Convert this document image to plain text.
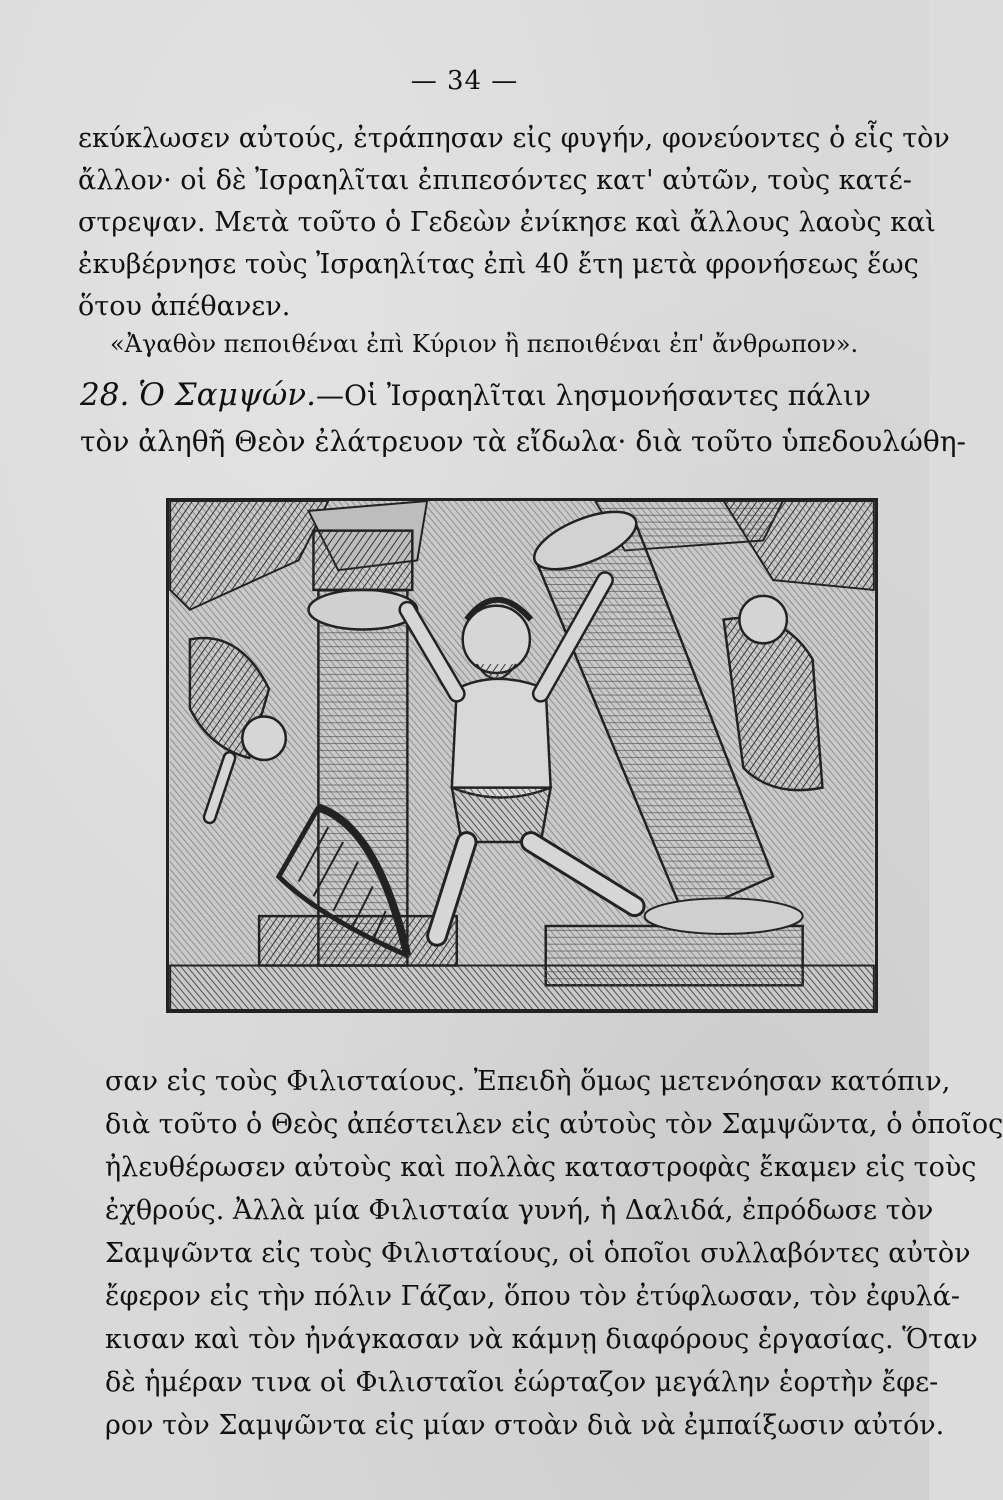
— 34 —

εκύκλωσεν αὐτούς, ἐτράπησαν εἰς φυγήν, φονεύοντες ὁ εἷς τὸν
ἄλλον· οἱ δὲ Ἰσραηλῖται ἐπιπεσόντες κατ' αὐτῶν, τοὺς κατέ-
στρεψαν. Μετὰ τοῦτο ὁ Γεδεὼν ἐνίκησε καὶ ἄλλους λαοὺς καὶ
ἐκυβέρνησε τοὺς Ἰσραηλίτας ἐπὶ 40 ἔτη μετὰ φρονήσεως ἕως
ὅτου ἀπέθανεν.

«Ἀγαθὸν πεποιθέναι ἐπὶ Κύριον ἢ πεποιθέναι ἐπ' ἄνθρωπον».

28. Ὁ Σαμψών.—Οἱ Ἰσραηλῖται λησμονήσαντες πάλιν
τὸν ἀληθῆ Θεὸν ἐλάτρευον τὰ εἴδωλα· διὰ τοῦτο ὑπεδουλώθη-

σαν εἰς τοὺς Φιλισταίους. Ἐπειδὴ ὅμως μετενόησαν κατόπιν,
διὰ τοῦτο ὁ Θεὸς ἀπέστειλεν εἰς αὐτοὺς τὸν Σαμψῶντα, ὁ ὁποῖος
ἠλευθέρωσεν αὐτοὺς καὶ πολλὰς καταστροφὰς ἔκαμεν εἰς τοὺς
ἐχθρούς. Ἀλλὰ μία Φιλισταία γυνή, ἡ Δαλιδά, ἐπρόδωσε τὸν
Σαμψῶντα εἰς τοὺς Φιλισταίους, οἱ ὁποῖοι συλλαβόντες αὐτὸν
ἔφερον εἰς τὴν πόλιν Γάζαν, ὅπου τὸν ἐτύφλωσαν, τὸν ἐφυλά-
κισαν καὶ τὸν ἠνάγκασαν νὰ κάμνῃ διαφόρους ἐργασίας. Ὅταν
δὲ ἡμέραν τινα οἱ Φιλισταῖοι ἑώρταζον μεγάλην ἑορτὴν ἔφε-
ρον τὸν Σαμψῶντα εἰς μίαν στοὰν διὰ νὰ ἐμπαίξωσιν αὐτόν.
